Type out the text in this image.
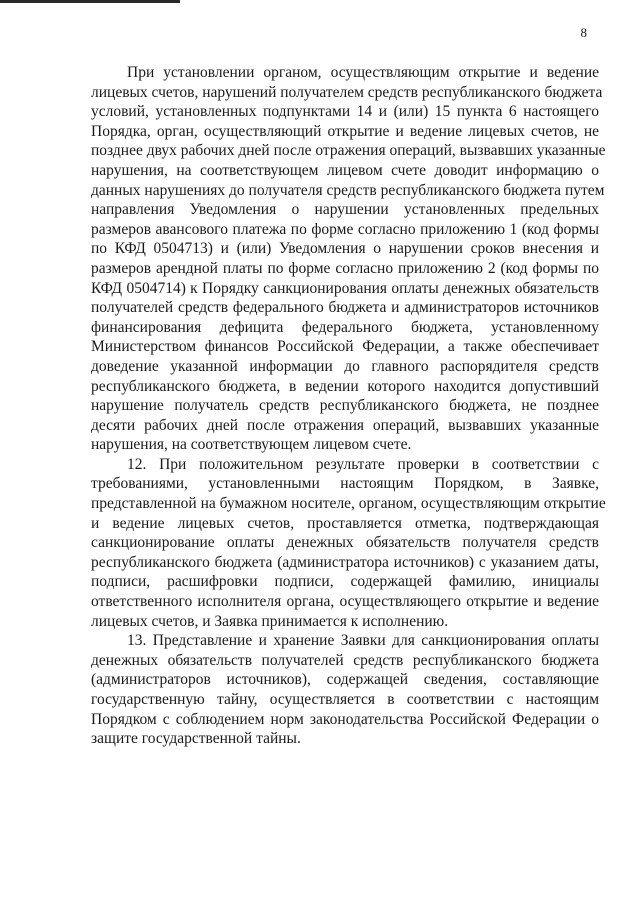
8

При установлении органом, осуществляющим открытие и ведение
лицевых счетов, нарушений получателем средств республиканского бюджета
условий, установленных подпунктами 14 и (или) 15 пункта 6 настоящего
Порядка, орган, осуществляющий открытие и ведение лицевых счетов, не
позднее двух рабочих дней после отражения операций, вызвавших указанные
нарушения, на соответствующем лицевом счете доводит информацию о
данных нарушениях до получателя средств республиканского бюджета путем
направления Уведомления о нарушении установленных предельных
размеров авансового платежа по форме согласно приложению 1 (код формы
по КФД 0504713) и (или) Уведомления о нарушении сроков внесения и
размеров арендной платы по форме согласно приложению 2 (код формы по
КФД 0504714) к Порядку санкционирования оплаты денежных обязательств
получателей средств федерального бюджета и администраторов источников
финансирования дефицита федерального бюджета, установленному
Министерством финансов Российской Федерации, а также обеспечивает
доведение указанной информации до главного распорядителя средств
республиканского бюджета, в ведении которого находится допустивший
нарушение получатель средств республиканского бюджета, не позднее
десяти рабочих дней после отражения операций, вызвавших указанные
нарушения, на соответствующем лицевом счете.

12. При положительном результате проверки в соответствии с
требованиями, установленными настоящим Порядком, в Заявке,
представленной на бумажном носителе, органом, осуществляющим открытие
и ведение лицевых счетов, проставляется отметка, подтверждающая
санкционирование оплаты денежных обязательств получателя средств
республиканского бюджета (администратора источников) с указанием даты,
подписи, расшифровки подписи, содержащей фамилию, инициалы
ответственного исполнителя органа, осуществляющего открытие и ведение
лицевых счетов, и Заявка принимается к исполнению.

13. Представление и хранение Заявки для санкционирования оплаты
денежных обязательств получателей средств республиканского бюджета
(администраторов источников), содержащей сведения, составляющие
государственную тайну, осуществляется в соответствии с настоящим
Порядком с соблюдением норм законодательства Российской Федерации о
защите государственной тайны.
